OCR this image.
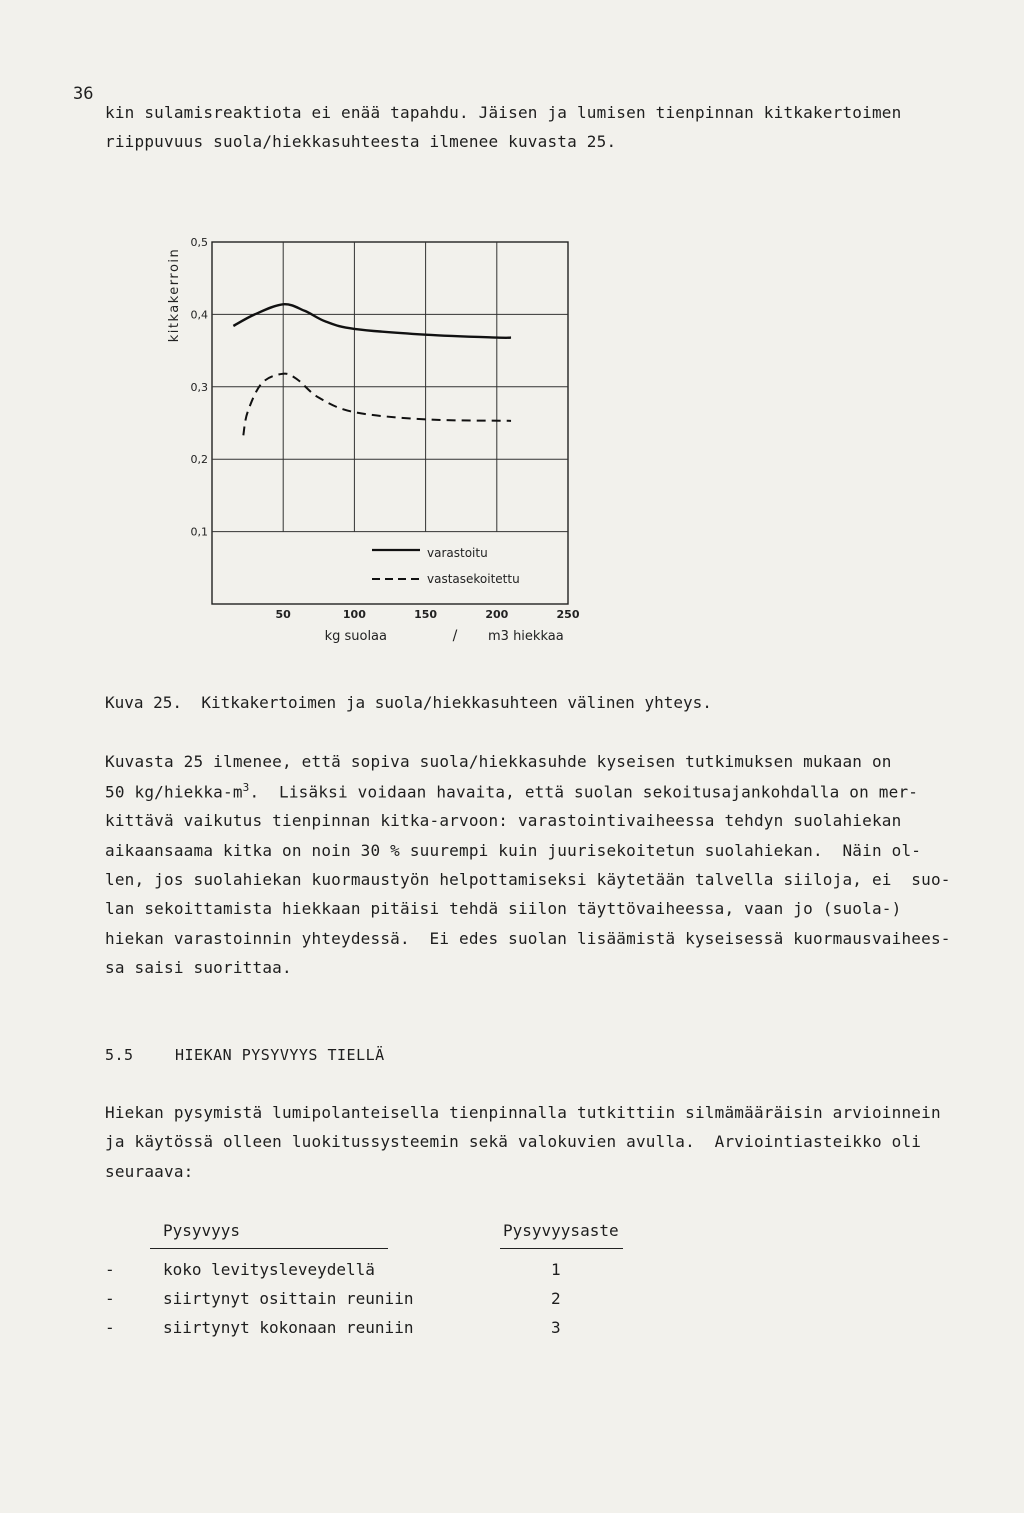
36
kin sulamisreaktiota ei enää tapahdu. Jäisen ja lumisen tienpinnan kitkakertoimen
riippuvuus suola/hiekkasuhteesta ilmenee kuvasta 25.
0,5
0,4
0,3
0,2
0,1
50	100	150	200	250
kitkakerroin
varastoitu
vastasekoitettu
kg suolaa	/ m3 hiekkaa
Kuva 25.  Kitkakertoimen ja suola/hiekkasuhteen välinen yhteys.
Kuvasta 25 ilmenee, että sopiva suola/hiekkasuhde kyseisen tutkimuksen mukaan on
50 $kg/hiekka-m^3$.  Lisäksi voidaan havaita, että suolan sekoitusajankohdalla on mer-
kittävä vaikutus tienpinnan kitka-arvoon: varastointivaiheessa tehdyn suolahiekan
aikaansaama kitka on noin 30 % suurempi kuin juurisekoitetun suolahiekan.  Näin ol-
len, jos suolahiekan kuormaustyön helpottamiseksi käytetään talvella siiloja, ei  suo-
lan sekoittamista hiekkaan pitäisi tehdä siilon täyttövaiheessa, vaan jo (suola-)
hiekan varastoinnin yhteydessä.  Ei edes suolan lisäämistä kyseisessä kuormausvaihees-
sa saisi suorittaa.
5.5	HIEKAN PYSYVYYS TIELLÄ
Hiekan pysymistä lumipolanteisella tienpinnalla tutkittiin silmämääräisin arvioinnein
ja käytössä olleen luokitussysteemin sekä valokuvien avulla.  Arviointiasteikko oli
seuraava:
Pysyvyys	Pysyvyysaste
-	koko levitysleveydellä	1
-	siirtynyt osittain reuniin	2
-	siirtynyt kokonaan reuniin	3
